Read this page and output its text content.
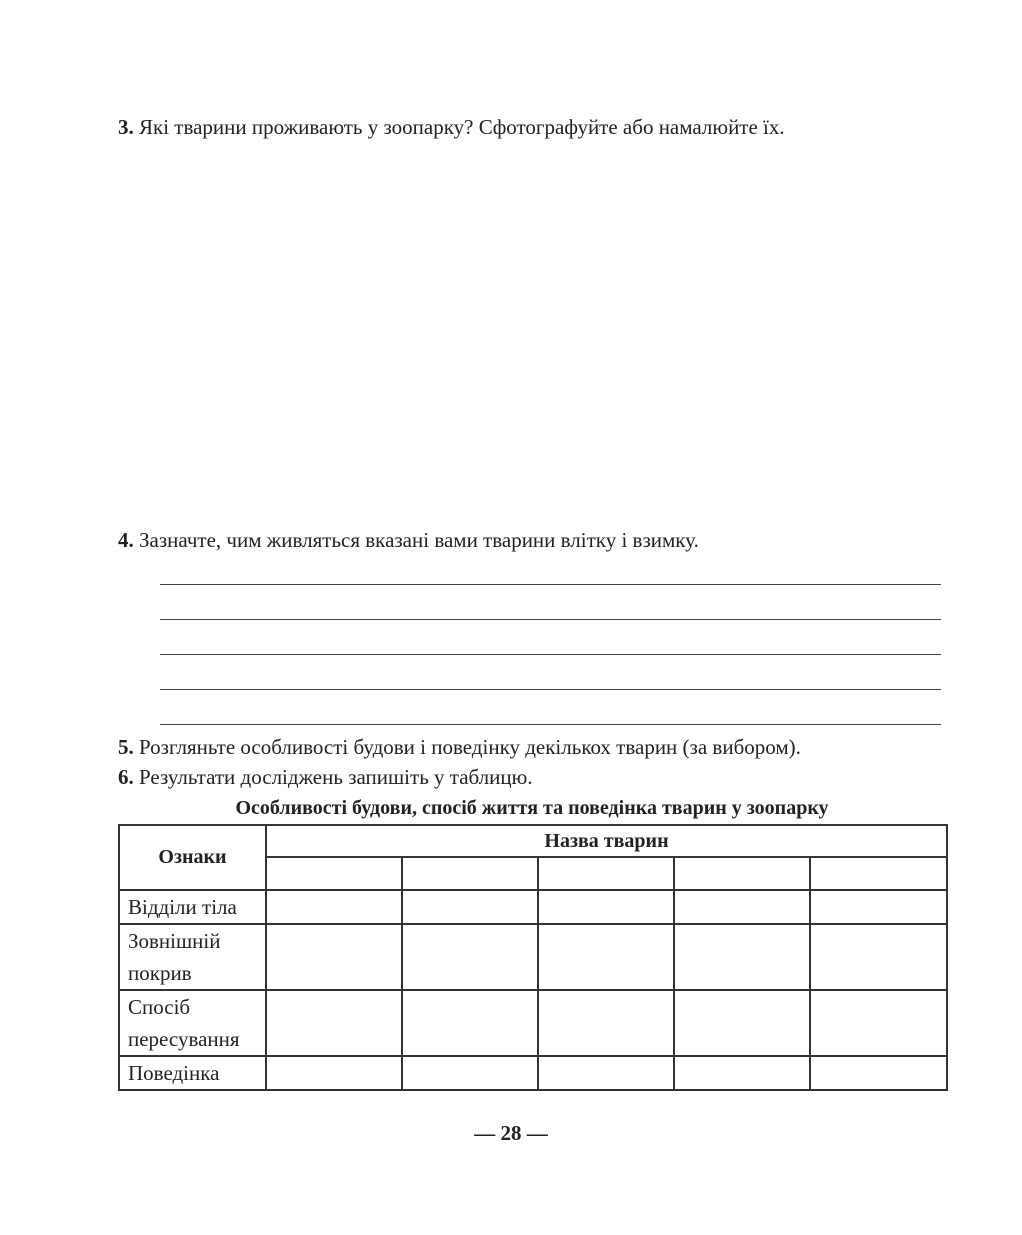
3. Які тварини проживають у зоопарку? Сфотографуйте або намалюйте їх.
4. Зазначте, чим живляться вказані вами тварини влітку і взимку.
5. Розгляньте особливості будови і поведінку декількох тварин (за вибором).
6. Результати досліджень запишіть у таблицю.
Особливості будови, спосіб життя та поведінка тварин у зоопарку
Ознаки	Назва тварин				

Відділи тіла					

Зовнішній
покрив					

Спосіб
пересування					

Поведінка					

— 28 —
